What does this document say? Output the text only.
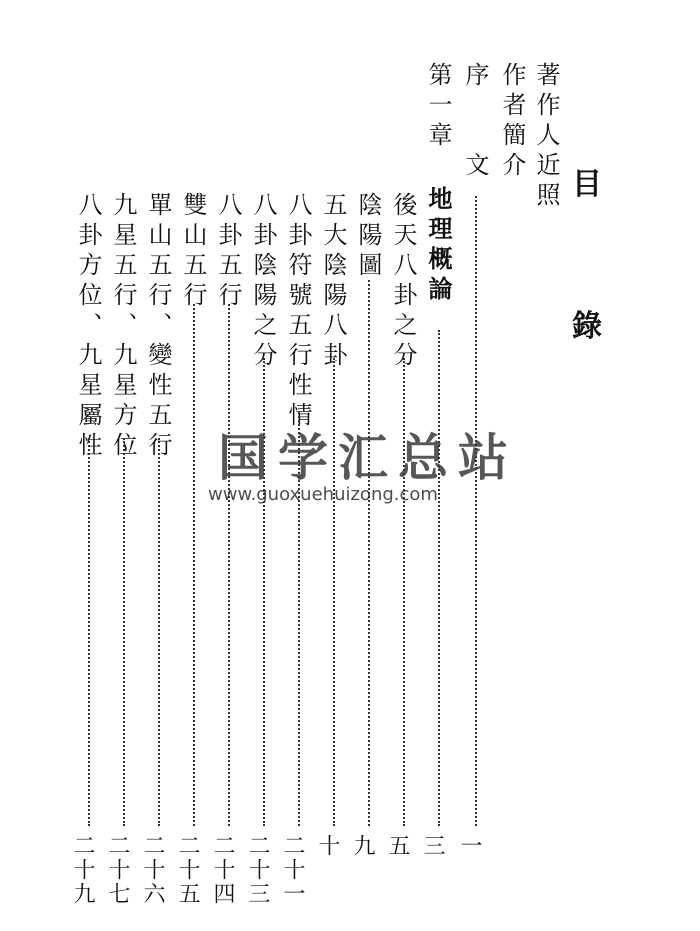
目
錄
著作人近照
作者簡介
序　　文
一
第一章
地理概論
三
後天八卦之分
五
陰陽圖
九
五大陰陽八卦
十
八卦符號五行性情
二十一
八卦陰陽之分
二十三
八卦五行
二十四
雙山五行
二十五
單山五行、變性五行
二十六
九星五行、九星方位
二十七
八卦方位、九星屬性
二十九
国学汇总站
www.guoxuehuizong.com
